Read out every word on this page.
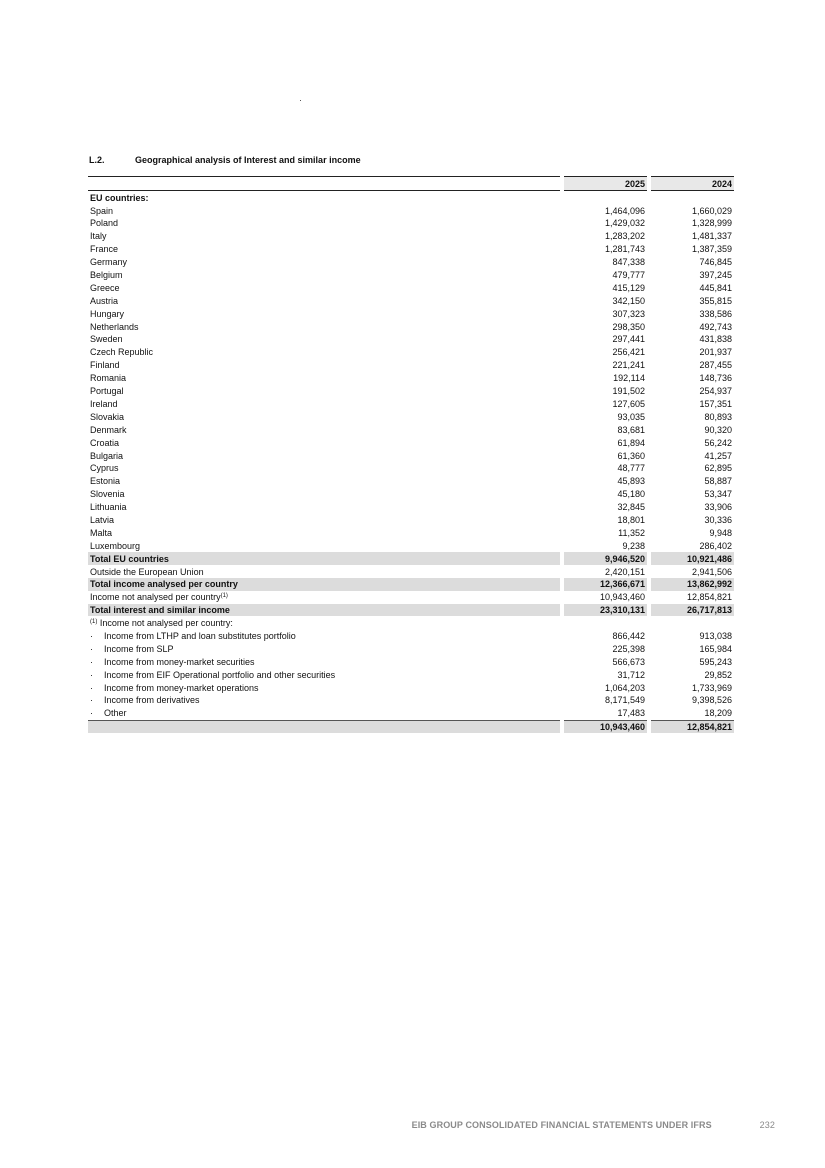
L.2.	Geographical analysis of Interest and similar income
		2025		2024
EU countries:				
Spain		1,464,096		1,660,029
Poland		1,429,032		1,328,999
Italy		1,283,202		1,481,337
France		1,281,743		1,387,359
Germany		847,338		746,845
Belgium		479,777		397,245
Greece		415,129		445,841
Austria		342,150		355,815
Hungary		307,323		338,586
Netherlands		298,350		492,743
Sweden		297,441		431,838
Czech Republic		256,421		201,937
Finland		221,241		287,455
Romania		192,114		148,736
Portugal		191,502		254,937
Ireland		127,605		157,351
Slovakia		93,035		80,893
Denmark		83,681		90,320
Croatia		61,894		56,242
Bulgaria		61,360		41,257
Cyprus		48,777		62,895
Estonia		45,893		58,887
Slovenia		45,180		53,347
Lithuania		32,845		33,906
Latvia		18,801		30,336
Malta		11,352		9,948
Luxembourg		9,238		286,402
Total EU countries		9,946,520		10,921,486
Outside the European Union		2,420,151		2,941,506
Total income analysed per country		12,366,671		13,862,992
Income not analysed per country$^{(1)}$		10,943,460		12,854,821
Total interest and similar income		23,310,131		26,717,813
$^{(1)}$ Income not analysed per country:				
· Income from LTHP and loan substitutes portfolio		866,442		913,038
· Income from SLP		225,398		165,984
· Income from money-market securities		566,673		595,243
· Income from EIF Operational portfolio and other securities		31,712		29,852
· Income from money-market operations		1,064,203		1,733,969
· Income from derivatives		8,171,549		9,398,526
· Other		17,483		18,209
		10,943,460		12,854,821
EIB GROUP CONSOLIDATED FINANCIAL STATEMENTS UNDER IFRS	232
